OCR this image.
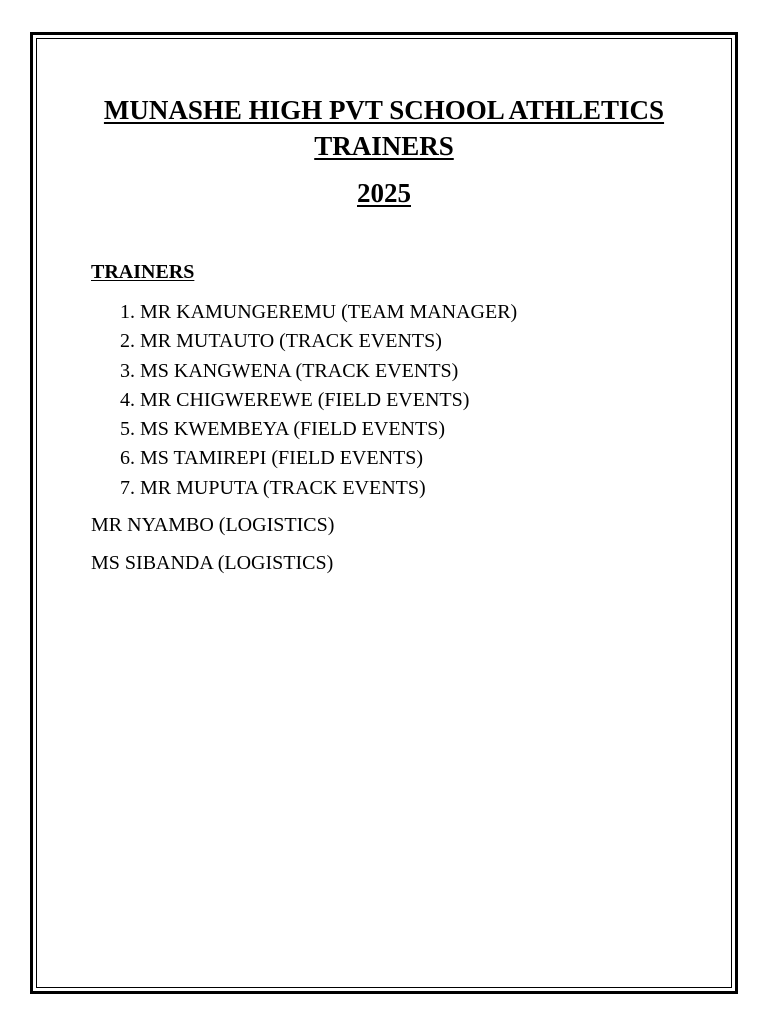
MUNASHE HIGH PVT SCHOOL ATHLETICS
TRAINERS
2025
TRAINERS
1. MR KAMUNGEREMU (TEAM MANAGER)
2. MR MUTAUTO (TRACK EVENTS)
3. MS KANGWENA (TRACK EVENTS)
4. MR CHIGWEREWE (FIELD EVENTS)
5. MS KWEMBEYA (FIELD EVENTS)
6. MS TAMIREPI (FIELD EVENTS)
7. MR MUPUTA (TRACK EVENTS)

MR NYAMBO (LOGISTICS)

MS SIBANDA (LOGISTICS)
